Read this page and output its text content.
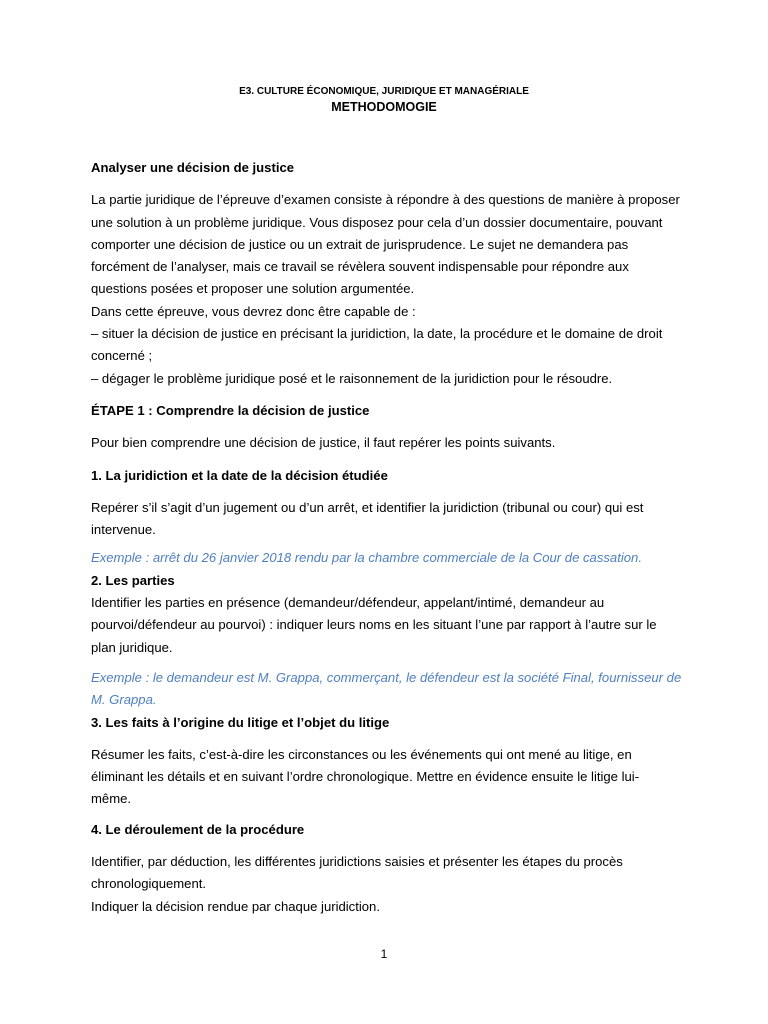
E3. CULTURE ÉCONOMIQUE, JURIDIQUE ET MANAGÉRIALE
METHODOMOGIE

Analyser une décision de justice

La partie juridique de l’épreuve d’examen consiste à répondre à des questions de manière à proposer

une solution à un problème juridique. Vous disposez pour cela d’un dossier documentaire, pouvant

comporter une décision de justice ou un extrait de jurisprudence. Le sujet ne demandera pas

forcément de l’analyser, mais ce travail se révèlera souvent indispensable pour répondre aux

questions posées et proposer une solution argumentée.

Dans cette épreuve, vous devrez donc être capable de :

– situer la décision de justice en précisant la juridiction, la date, la procédure et le domaine de droit

concerné ;

– dégager le problème juridique posé et le raisonnement de la juridiction pour le résoudre.

ÉTAPE 1 : Comprendre la décision de justice

Pour bien comprendre une décision de justice, il faut repérer les points suivants.

1. La juridiction et la date de la décision étudiée

Repérer s’il s’agit d’un jugement ou d’un arrêt, et identifier la juridiction (tribunal ou cour) qui est

intervenue.

Exemple : arrêt du 26 janvier 2018 rendu par la chambre commerciale de la Cour de cassation.

2. Les parties

Identifier les parties en présence (demandeur/défendeur, appelant/intimé, demandeur au

pourvoi/défendeur au pourvoi) : indiquer leurs noms en les situant l’une par rapport à l’autre sur le

plan juridique.

Exemple : le demandeur est M. Grappa, commerçant, le défendeur est la société Final, fournisseur de

M. Grappa.

3. Les faits à l’origine du litige et l’objet du litige

Résumer les faits, c’est-à-dire les circonstances ou les événements qui ont mené au litige, en

éliminant les détails et en suivant l’ordre chronologique. Mettre en évidence ensuite le litige lui-

même.

4. Le déroulement de la procédure

Identifier, par déduction, les différentes juridictions saisies et présenter les étapes du procès

chronologiquement.

Indiquer la décision rendue par chaque juridiction.

1
